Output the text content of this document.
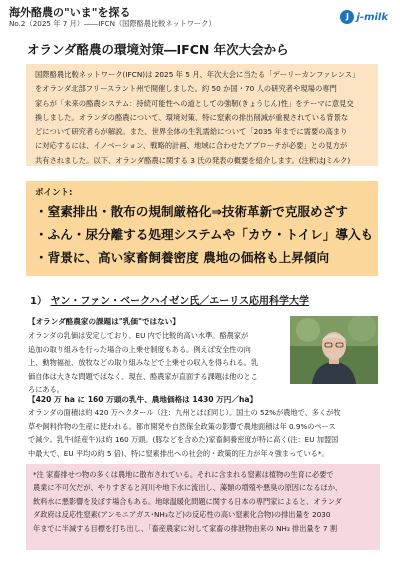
海外酪農の"いま"を探る
No.2（2025 年 7 月）――IFCN（国際酪農比較ネットワーク）
J j-milk
オランダ酪農の環境対策―IFCN 年次大会から
国際酪農比較ネットワーク(IFCN)は 2025 年 5 月、年次大会に当たる「デーリーカンファレンス」
をオランダ北部フリースラント州で開催しました。約 50 か国・70 人の研究者や現場の専門
家らが「未来の酪農システム：持続可能性への道としての強靭(きょうじん)性」をテーマに意見交
換しました。オランダの酪農について、環境対策、特に窒素の排出削減が重視されている背景な
どについて研究者らが解説。また、世界全体の生乳需給について「2035 年までに需要の高まり
に対応するには、イノベーション、戦略的計画、地域に合わせたアプローチが必要」との見方が
共有されました。以下、オランダ酪農に関する 3 氏の発表の概要を紹介します。(注釈はJミルク)
ポイント:
・窒素排出・散布の規制厳格化⇒技術革新で克服めざす
・ふん・尿分離する処理システムや「カウ・トイレ」導入も
・背景に、高い家畜飼養密度 農地の価格も上昇傾向
1） ヤン・ファン・ベークハイゼン氏／エーリス応用科学大学
【オランダ酪農家の課題は"乳価"ではない】
オランダの乳価は安定しており、EU 内で比較的高い水準。酪農家が
追加の取り組みを行った場合の上乗せ制度もある。例えば安全性の向
上、動物福祉、放牧などの取り組みなどで上乗せの収入を得られる。乳
価自体は大きな問題ではなく、現在、酪農家が直面する課題は他のとこ
ろにある。
【420 万 ha に 160 万頭の乳牛、農地価格は 1430 万円／ha】
オランダの面積は約 420 万ヘクタール（注：九州とほぼ同じ）。国土の 52%が農地で、多くが牧
草や飼料作物の生産に使われる。都市開発や自然保全政策の影響で農地面積は年 0.9%のペース
で減少。乳牛(経産牛)は約 160 万頭。(豚などを含めた)家畜飼養密度が特に高く(注：EU 加盟国
中最大で、EU 平均の約 5 倍)、特に窒素排出への社会的・政策的圧力が年々強まっている*。
*注 家畜排せつ物の多くは農地に散布されている。それに含まれる窒素は植物の生育に必要で
農業に不可欠だが、やりすぎると河川や地下水に流出し、藻類の増殖や悪臭の原因になるほか、
飲料水に悪影響を及ぼす場合もある。地球温暖化問題に関する日本の専門家によると、オランダ
ダ政府は反応性窒素(アンモニアガス･NH₃など)の反応性の高い窒素化合物)の排出量を 2030
年までに半減する目標を打ち出し、「畜産農家に対して家畜の排泄物由来の NH₃ 排出量を 7 割
